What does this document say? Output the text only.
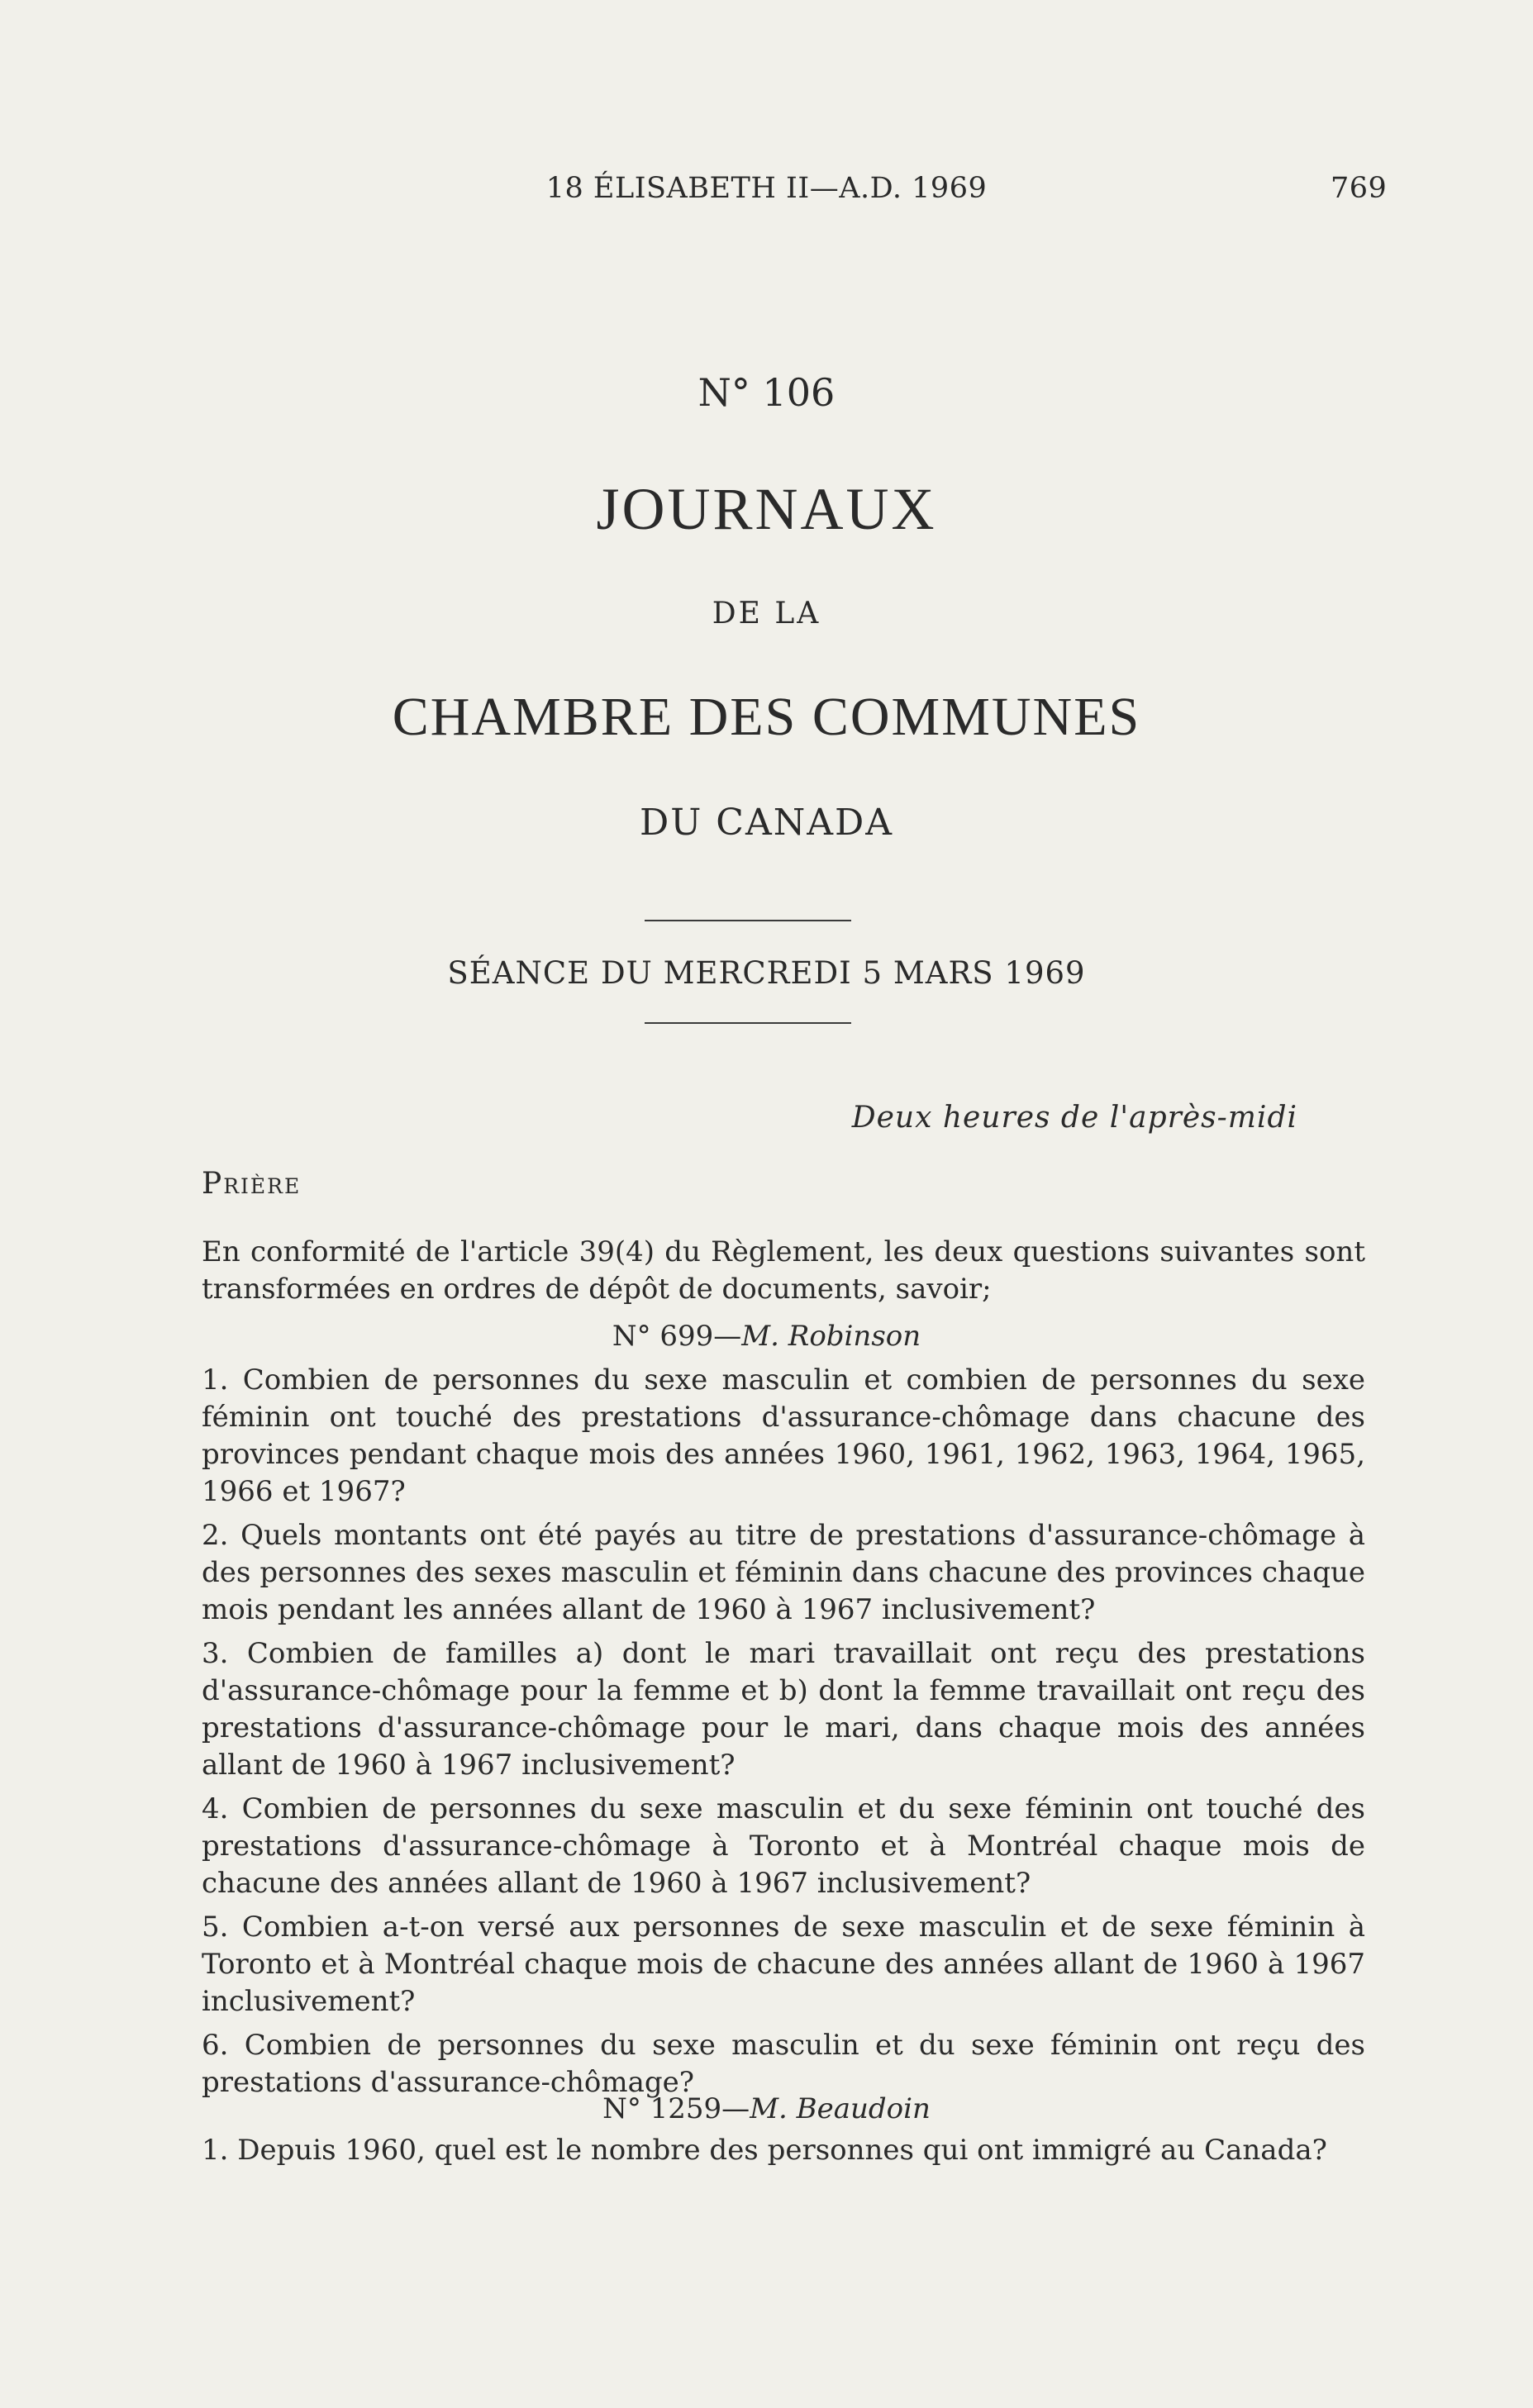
18 ÉLISABETH II—A.D. 1969	769
N° 106
JOURNAUX
DE LA
CHAMBRE DES COMMUNES
DU CANADA
SÉANCE DU MERCREDI 5 MARS 1969
Deux heures de l'après-midi
Prière

En conformité de l'article 39(4) du Règlement, les deux questions suivantes sont transformées en ordres de dépôt de documents, savoir;

N° 699—M. Robinson

1. Combien de personnes du sexe masculin et combien de personnes du sexe féminin ont touché des prestations d'assurance-chômage dans chacune des provinces pendant chaque mois des années 1960, 1961, 1962, 1963, 1964, 1965, 1966 et 1967?

2. Quels montants ont été payés au titre de prestations d'assurance-chômage à des personnes des sexes masculin et féminin dans chacune des provinces chaque mois pendant les années allant de 1960 à 1967 inclusivement?

3. Combien de familles a) dont le mari travaillait ont reçu des prestations d'assurance-chômage pour la femme et b) dont la femme travaillait ont reçu des prestations d'assurance-chômage pour le mari, dans chaque mois des années allant de 1960 à 1967 inclusivement?

4. Combien de personnes du sexe masculin et du sexe féminin ont touché des prestations d'assurance-chômage à Toronto et à Montréal chaque mois de chacune des années allant de 1960 à 1967 inclusivement?

5. Combien a-t-on versé aux personnes de sexe masculin et de sexe féminin à Toronto et à Montréal chaque mois de chacune des années allant de 1960 à 1967 inclusivement?

6. Combien de personnes du sexe masculin et du sexe féminin ont reçu des prestations d'assurance-chômage?

N° 1259—M. Beaudoin

1. Depuis 1960, quel est le nombre des personnes qui ont immigré au Canada?
